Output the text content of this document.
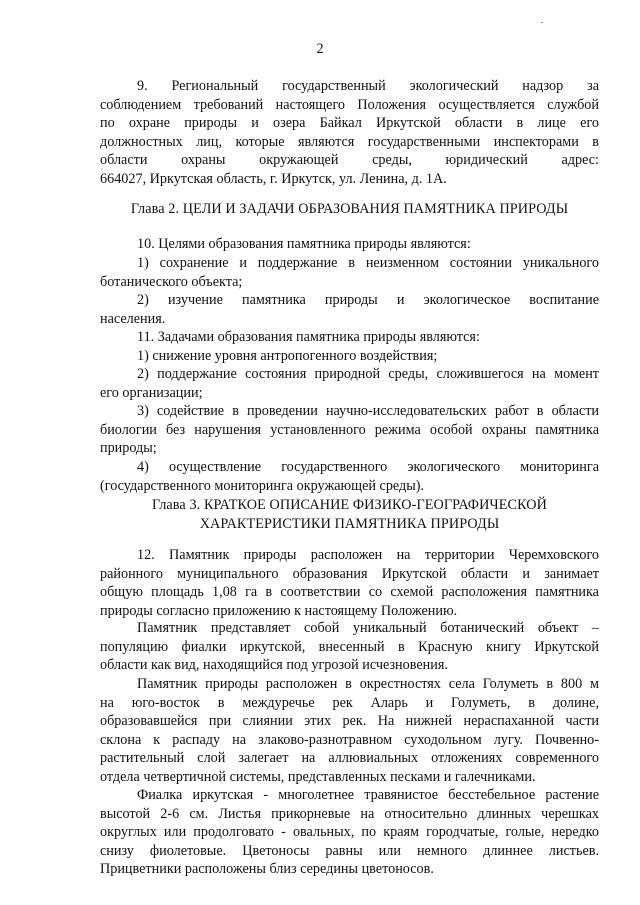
2

9. Региональный государственный экологический надзор за

соблюдением требований настоящего Положения осуществляется службой

по охране природы и озера Байкал Иркутской области в лице его

должностных лиц, которые являются государственными инспекторами в

области охраны окружающей среды, юридический адрес:

664027, Иркутская область, г. Иркутск, ул. Ленина, д. 1А.

Глава 2. ЦЕЛИ И ЗАДАЧИ ОБРАЗОВАНИЯ ПАМЯТНИКА ПРИРОДЫ

10. Целями образования памятника природы являются:

1) сохранение и поддержание в неизменном состоянии уникального

ботанического объекта;

2) изучение памятника природы и экологическое воспитание

населения.

11. Задачами образования памятника природы являются:

1) снижение уровня антропогенного воздействия;

2) поддержание состояния природной среды, сложившегося на момент

его организации;

3) содействие в проведении научно-исследовательских работ в области

биологии без нарушения установленного режима особой охраны памятника

природы;

4) осуществление государственного экологического мониторинга

(государственного мониторинга окружающей среды).

Глава 3. КРАТКОЕ ОПИСАНИЕ ФИЗИКО-ГЕОГРАФИЧЕСКОЙ

ХАРАКТЕРИСТИКИ ПАМЯТНИКА ПРИРОДЫ

12. Памятник природы расположен на территории Черемховского

районного муниципального образования Иркутской области и занимает

общую площадь 1,08 га в соответствии со схемой расположения памятника

природы согласно приложению к настоящему Положению.

Памятник представляет собой уникальный ботанический объект –

популяцию фиалки иркутской, внесенный в Красную книгу Иркутской

области как вид, находящийся под угрозой исчезновения.

Памятник природы расположен в окрестностях села Голуметь в 800 м

на юго-восток в междуречье рек Аларь и Голуметь, в долине,

образовавшейся при слиянии этих рек. На нижней нераспаханной части

склона к распаду на злаково-разнотравном суходольном лугу. Почвенно-

растительный слой залегает на аллювиальных отложениях современного

отдела четвертичной системы, представленных песками и галечниками.

Фиалка иркутская - многолетнее травянистое бесстебельное растение

высотой 2-6 см. Листья прикорневые на относительно длинных черешках

округлых или продолговато - овальных, по краям городчатые, голые, нередко

снизу фиолетовые. Цветоносы равны или немного длиннее листьев.

Прицветники расположены близ середины цветоносов.
